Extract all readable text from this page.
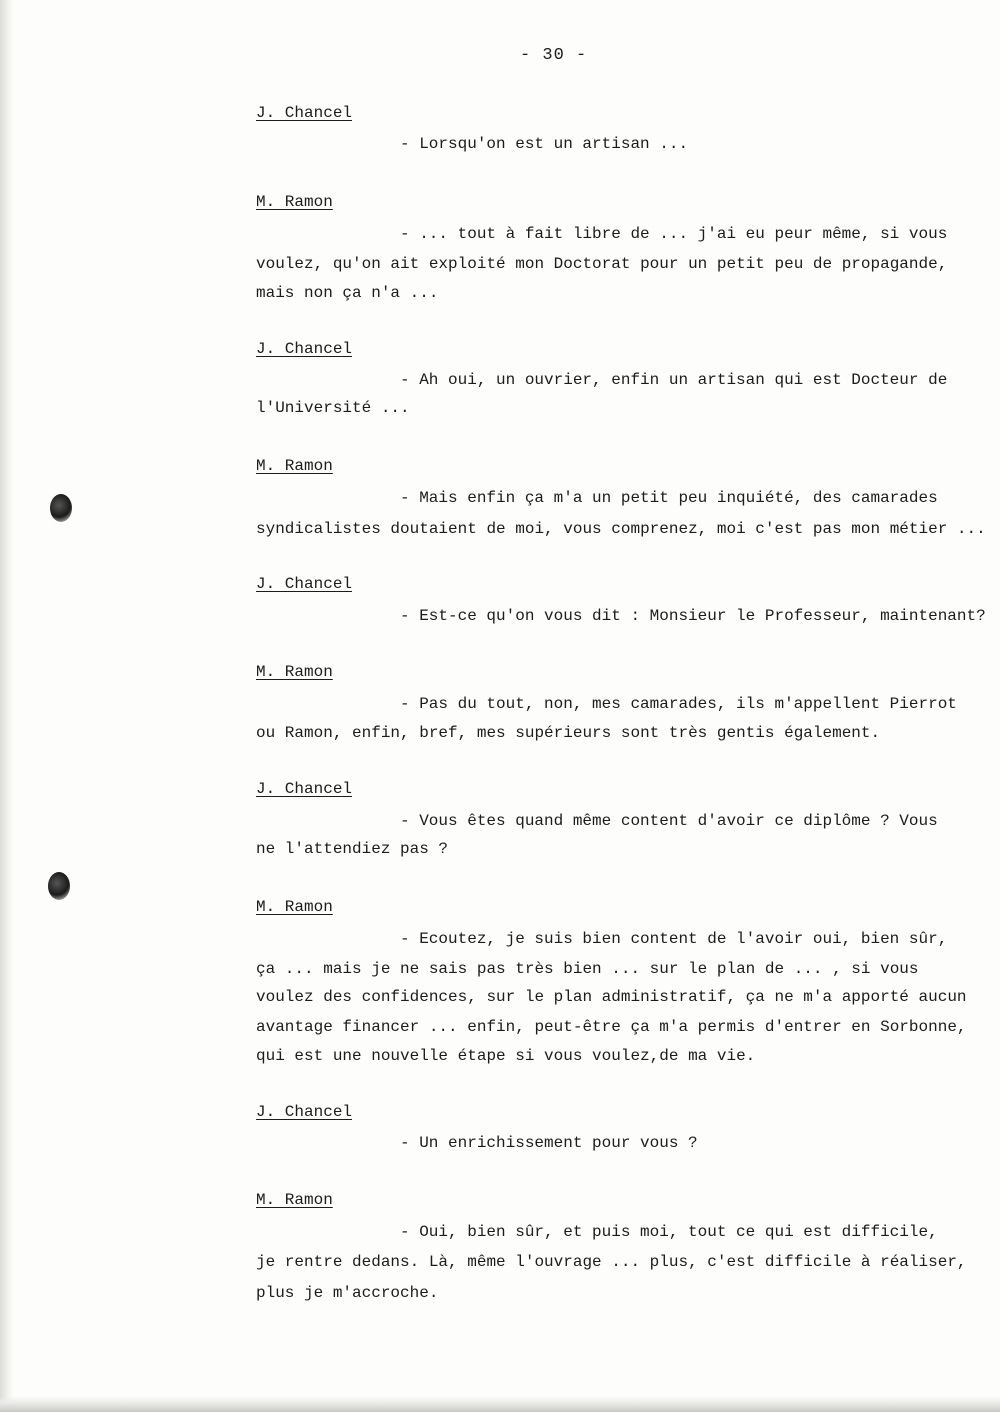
- 30 -
J. Chancel
- Lorsqu'on est un artisan ...
M. Ramon
- ... tout à fait libre de ... j'ai eu peur même, si vous
voulez, qu'on ait exploité mon Doctorat pour un petit peu de propagande,
mais non ça n'a ...
J. Chancel
- Ah oui, un ouvrier, enfin un artisan qui est Docteur de
l'Université ...
M. Ramon
- Mais enfin ça m'a un petit peu inquiété, des camarades
syndicalistes doutaient de moi, vous comprenez, moi c'est pas mon métier ...
J. Chancel
- Est-ce qu'on vous dit : Monsieur le Professeur, maintenant?
M. Ramon
- Pas du tout, non, mes camarades, ils m'appellent Pierrot
ou Ramon, enfin, bref, mes supérieurs sont très gentis également.
J. Chancel
- Vous êtes quand même content d'avoir ce diplôme ? Vous
ne l'attendiez pas ?
M. Ramon
- Ecoutez, je suis bien content de l'avoir oui, bien sûr,
ça ... mais je ne sais pas très bien ... sur le plan de ... , si vous
voulez des confidences, sur le plan administratif, ça ne m'a apporté aucun
avantage financer ... enfin, peut-être ça m'a permis d'entrer en Sorbonne,
qui est une nouvelle étape si vous voulez,de ma vie.
J. Chancel
- Un enrichissement pour vous ?
M. Ramon
- Oui, bien sûr, et puis moi, tout ce qui est difficile,
je rentre dedans. Là, même l'ouvrage ... plus, c'est difficile à réaliser,
plus je m'accroche.
